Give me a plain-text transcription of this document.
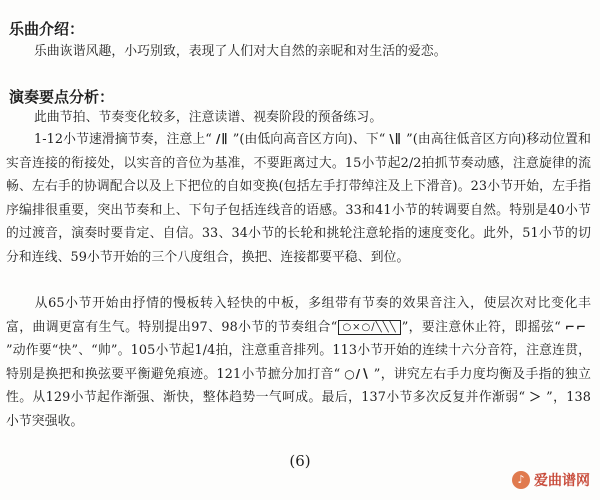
乐曲介绍：

乐曲诙谐风趣，小巧别致，表现了人们对大自然的亲昵和对生活的爱恋。

演奏要点分析：

此曲节拍、节奏变化较多，注意读谱、视奏阶段的预备练习。

1-12小节速滑摘节奏，注意上“ /∥ ”(由低向高音区方向)、下“ \∥ ”(由高往低音区方向)移动位置和实音连接的衔接处，以实音的音位为基准，不要距离过大。15小节起2/2拍抓节奏动感，注意旋律的流畅、左右手的协调配合以及上下把位的自如变换(包括左手打带绰注及上下滑音)。23小节开始，左手指序编排很重要，突出节奏和上、下句子包括连线音的语感。33和41小节的转调要自然。特别是40小节的过渡音，演奏时要肯定、自信。33、34小节的长轮和挑轮注意轮指的速度变化。此外，51小节的切分和连线、59小节开始的三个八度组合，换把、连接都要平稳、到位。

从65小节开始由抒情的慢板转入轻快的中板，多组带有节奏的效果音注入，使层次对比变化丰富，曲调更富有生气。特别提出97、98小节的节奏组合“ ○×○/╲╲╲ ”，要注意休止符，即摇弦“ ⌐⌐”动作要“快”、“帅”。105小节起1/4拍，注意重音排列。113小节开始的连续十六分音符，注意连贯，特别是换把和换弦要平衡避免痕迹。121小节摭分加打音“ ○/∖ ”，讲究左右手力度均衡及手指的独立性。从129小节起作渐强、渐快，整体趋势一气呵成。最后，137小节多次反复并作渐弱“ ＞ ”，138小节突强收。

(6)
♪ 爱曲谱网
